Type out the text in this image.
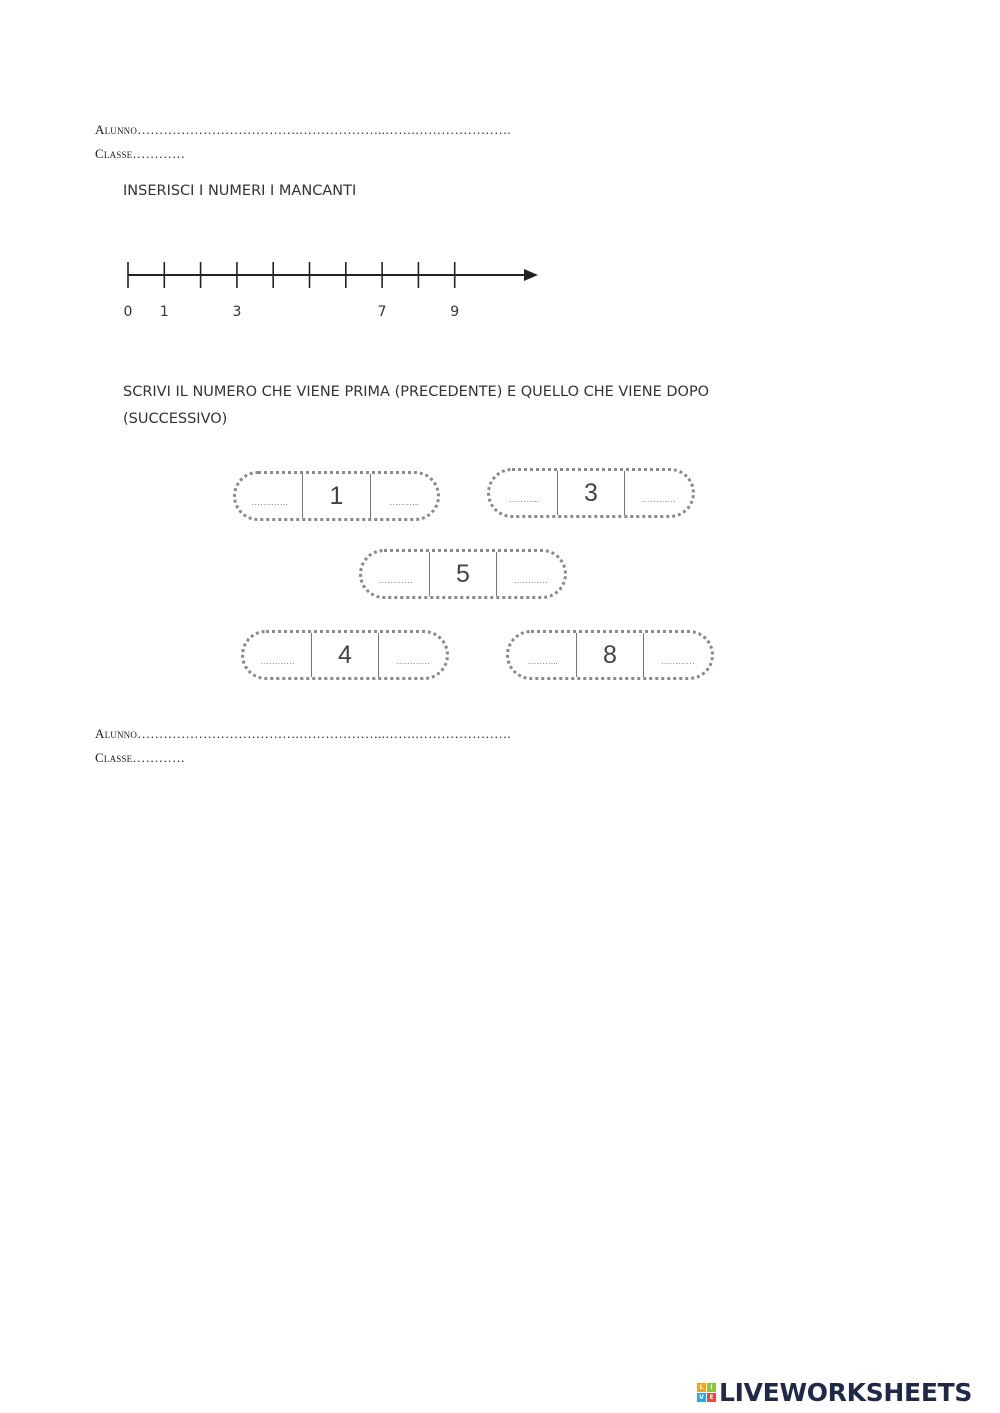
Alunno……………………………….………………..…….………………….
Classe…………
INSERISCI I NUMERI I MANCANTI
0 1	3	7	9
SCRIVI IL NUMERO CHE VIENE PRIMA (PRECEDENTE) E QUELLO CHE VIENE DOPO
(SUCCESSIVO)
………….	1	………..	………..	3	…………
…………	5	…………
…………	4	…………	………..	8	…………
Alunno……………………………….………………..…….………………….
Classe…………
L	I
V E LIVEWORKSHEETS
